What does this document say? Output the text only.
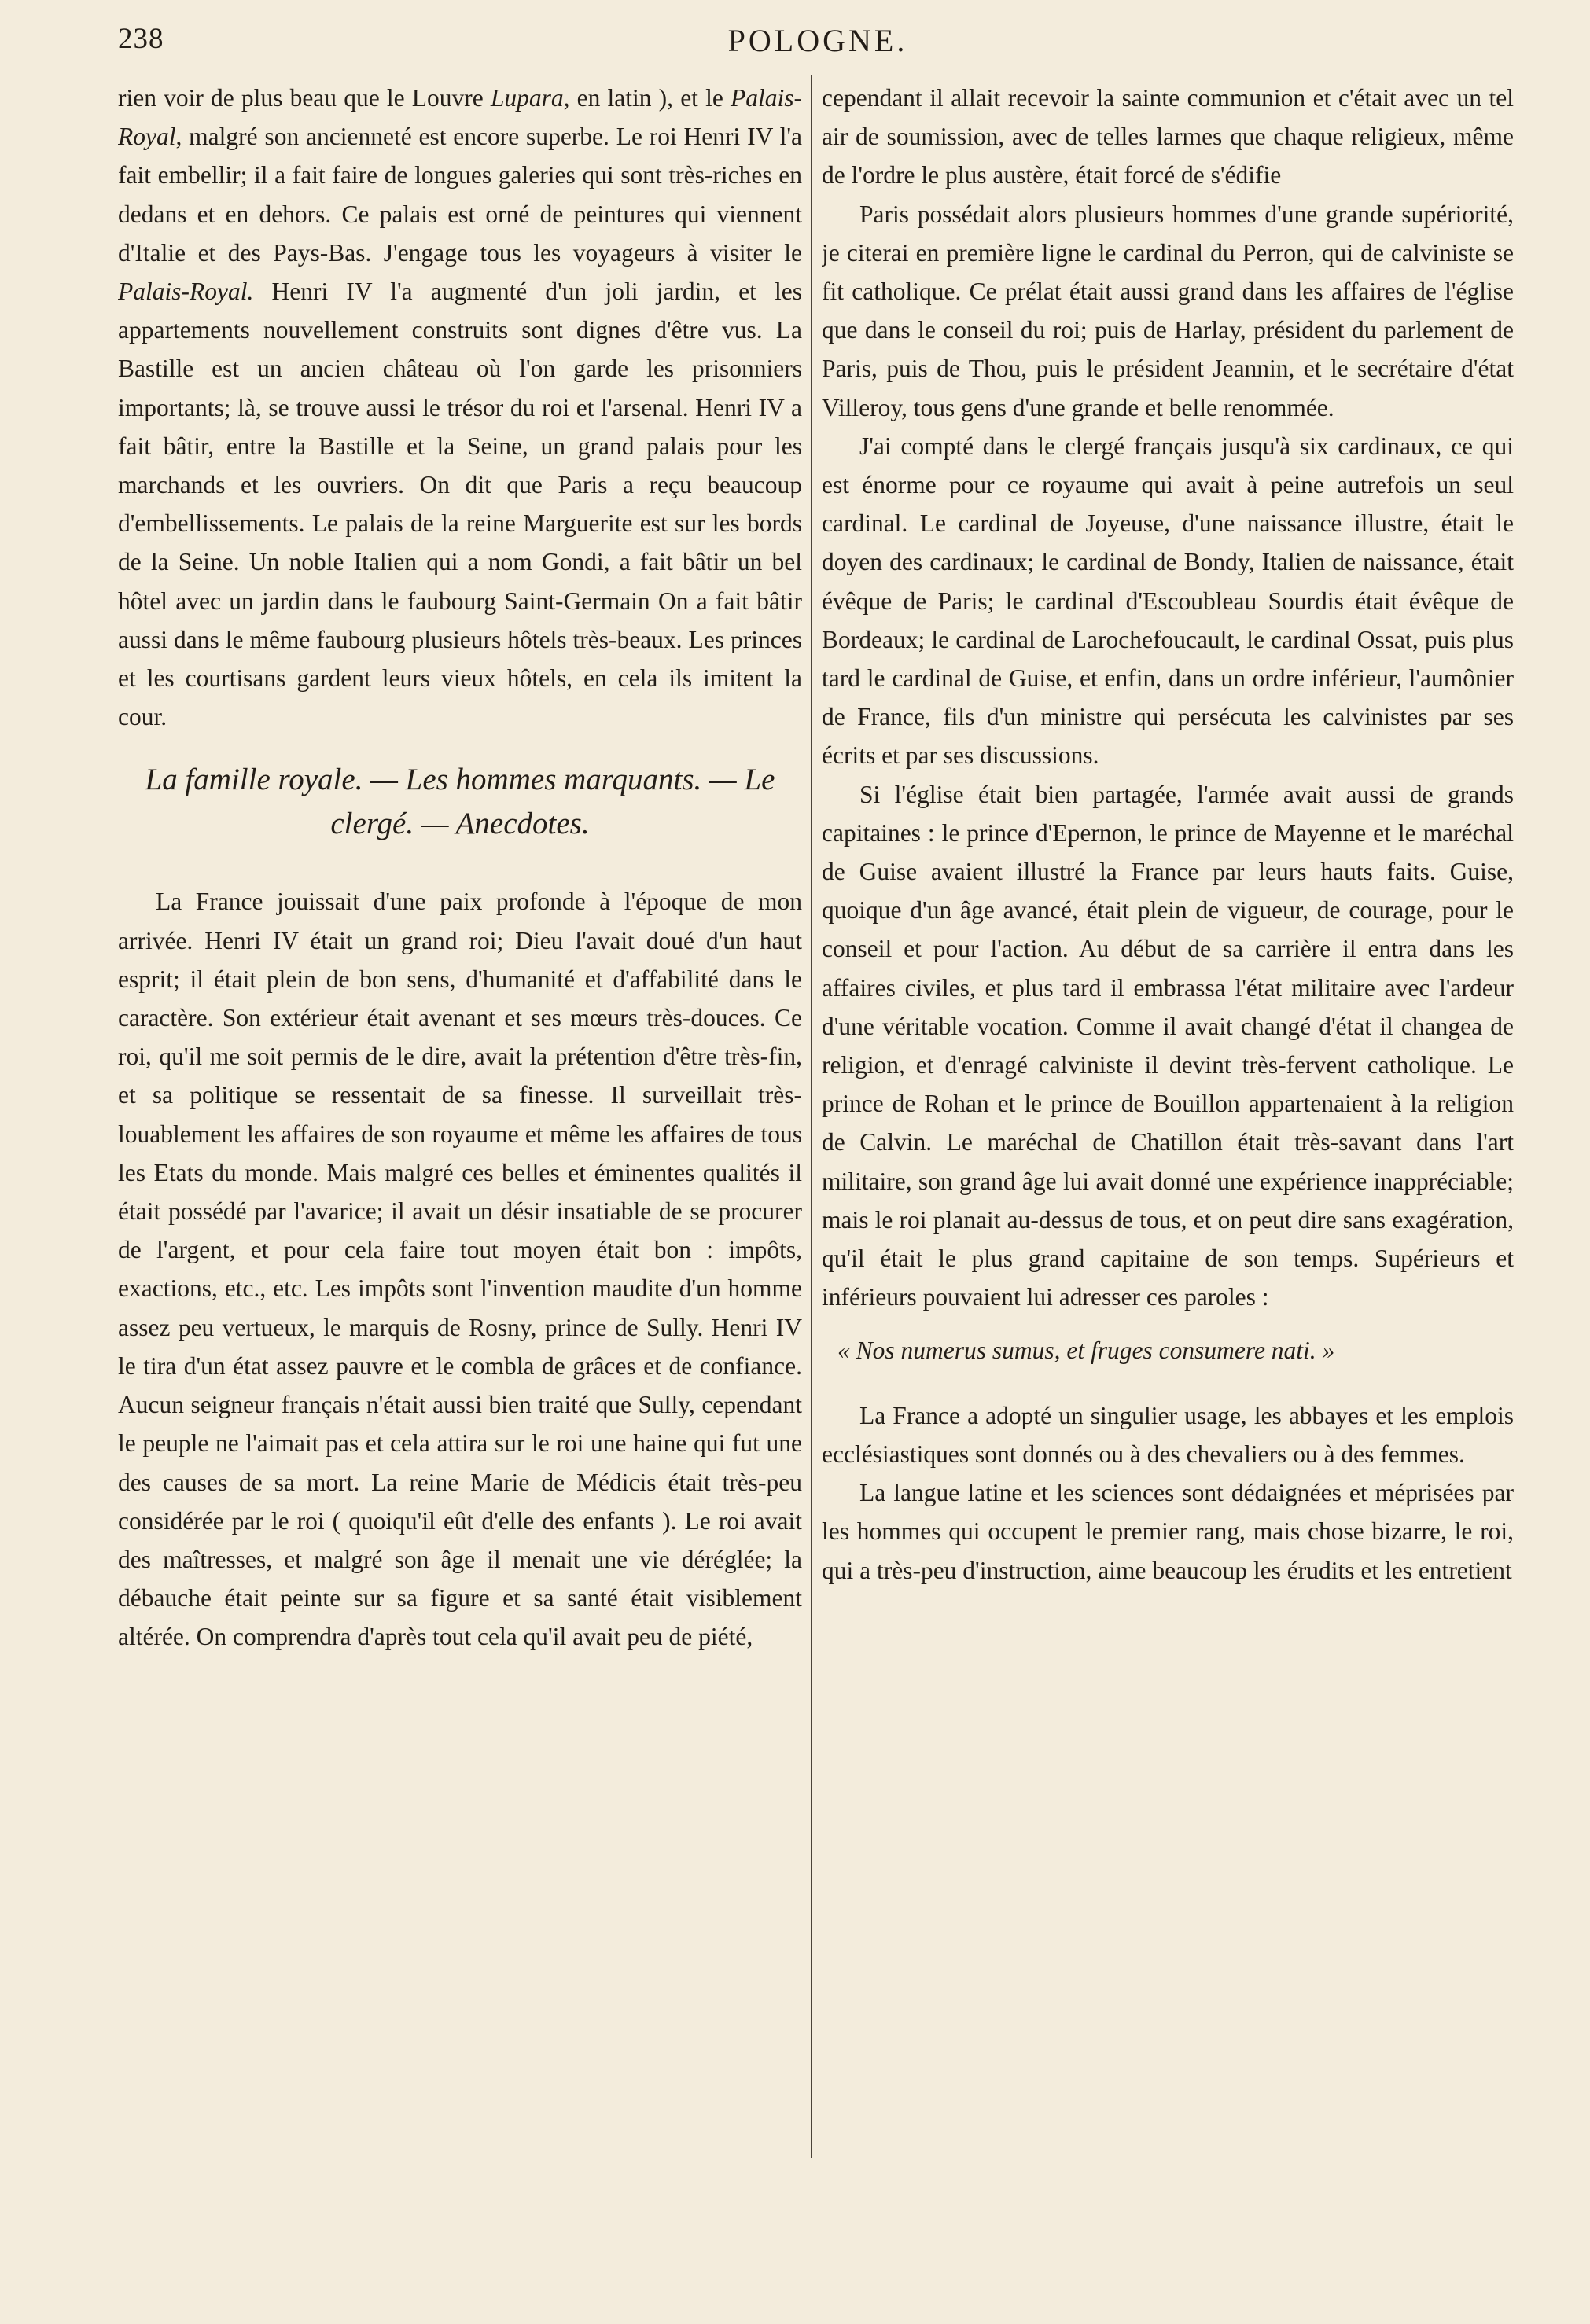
238	POLOGNE.

rien voir de plus beau que le Louvre Lupara, en latin ), et le Palais-Royal, malgré son ancienneté est encore superbe. Le roi Henri IV l'a fait embellir; il a fait faire de longues galeries qui sont très-riches en dedans et en dehors. Ce palais est orné de peintures qui viennent d'Italie et des Pays-Bas. J'engage tous les voyageurs à visiter le Palais-Royal. Henri IV l'a augmenté d'un joli jardin, et les appartements nouvellement construits sont dignes d'être vus. La Bastille est un ancien château où l'on garde les prisonniers importants; là, se trouve aussi le trésor du roi et l'arsenal. Henri IV a fait bâtir, entre la Bastille et la Seine, un grand palais pour les marchands et les ouvriers. On dit que Paris a reçu beaucoup d'embellissements. Le palais de la reine Marguerite est sur les bords de la Seine. Un noble Italien qui a nom Gondi, a fait bâtir un bel hôtel avec un jardin dans le faubourg Saint-Germain On a fait bâtir aussi dans le même faubourg plusieurs hôtels très-beaux. Les princes et les courtisans gardent leurs vieux hôtels, en cela ils imitent la cour.

La famille royale. — Les hommes marquants. — Le clergé. — Anecdotes.

La France jouissait d'une paix profonde à l'époque de mon arrivée. Henri IV était un grand roi; Dieu l'avait doué d'un haut esprit; il était plein de bon sens, d'humanité et d'affabilité dans le caractère. Son extérieur était avenant et ses mœurs très-douces. Ce roi, qu'il me soit permis de le dire, avait la prétention d'être très-fin, et sa politique se ressentait de sa finesse. Il surveillait très-louablement les affaires de son royaume et même les affaires de tous les Etats du monde. Mais malgré ces belles et éminentes qualités il était possédé par l'avarice; il avait un désir insatiable de se procurer de l'argent, et pour cela faire tout moyen était bon : impôts, exactions, etc., etc. Les impôts sont l'invention maudite d'un homme assez peu vertueux, le marquis de Rosny, prince de Sully. Henri IV le tira d'un état assez pauvre et le combla de grâces et de confiance. Aucun seigneur français n'était aussi bien traité que Sully, cependant le peuple ne l'aimait pas et cela attira sur le roi une haine qui fut une des causes de sa mort. La reine Marie de Médicis était très-peu considérée par le roi ( quoiqu'il eût d'elle des enfants ). Le roi avait des maîtresses, et malgré son âge il menait une vie déréglée; la débauche était peinte sur sa figure et sa santé était visiblement altérée. On comprendra d'après tout cela qu'il avait peu de piété,

cependant il allait recevoir la sainte communion et c'était avec un tel air de soumission, avec de telles larmes que chaque religieux, même de l'ordre le plus austère, était forcé de s'édifie

Paris possédait alors plusieurs hommes d'une grande supériorité, je citerai en première ligne le cardinal du Perron, qui de calviniste se fit catholique. Ce prélat était aussi grand dans les affaires de l'église que dans le conseil du roi; puis de Harlay, président du parlement de Paris, puis de Thou, puis le président Jeannin, et le secrétaire d'état Villeroy, tous gens d'une grande et belle renommée.

J'ai compté dans le clergé français jusqu'à six cardinaux, ce qui est énorme pour ce royaume qui avait à peine autrefois un seul cardinal. Le cardinal de Joyeuse, d'une naissance illustre, était le doyen des cardinaux; le cardinal de Bondy, Italien de naissance, était évêque de Paris; le cardinal d'Escoubleau Sourdis était évêque de Bordeaux; le cardinal de Larochefoucault, le cardinal Ossat, puis plus tard le cardinal de Guise, et enfin, dans un ordre inférieur, l'aumônier de France, fils d'un ministre qui persécuta les calvinistes par ses écrits et par ses discussions.

Si l'église était bien partagée, l'armée avait aussi de grands capitaines : le prince d'Epernon, le prince de Mayenne et le maréchal de Guise avaient illustré la France par leurs hauts faits. Guise, quoique d'un âge avancé, était plein de vigueur, de courage, pour le conseil et pour l'action. Au début de sa carrière il entra dans les affaires civiles, et plus tard il embrassa l'état militaire avec l'ardeur d'une véritable vocation. Comme il avait changé d'état il changea de religion, et d'enragé calviniste il devint très-fervent catholique. Le prince de Rohan et le prince de Bouillon appartenaient à la religion de Calvin. Le maréchal de Chatillon était très-savant dans l'art militaire, son grand âge lui avait donné une expérience inappréciable; mais le roi planait au-dessus de tous, et on peut dire sans exagération, qu'il était le plus grand capitaine de son temps. Supérieurs et inférieurs pouvaient lui adresser ces paroles :

« Nos numerus sumus, et fruges consumere nati. »

La France a adopté un singulier usage, les abbayes et les emplois ecclésiastiques sont donnés ou à des chevaliers ou à des femmes.

La langue latine et les sciences sont dédaignées et méprisées par les hommes qui occupent le premier rang, mais chose bizarre, le roi, qui a très-peu d'instruction, aime beaucoup les érudits et les entretient
